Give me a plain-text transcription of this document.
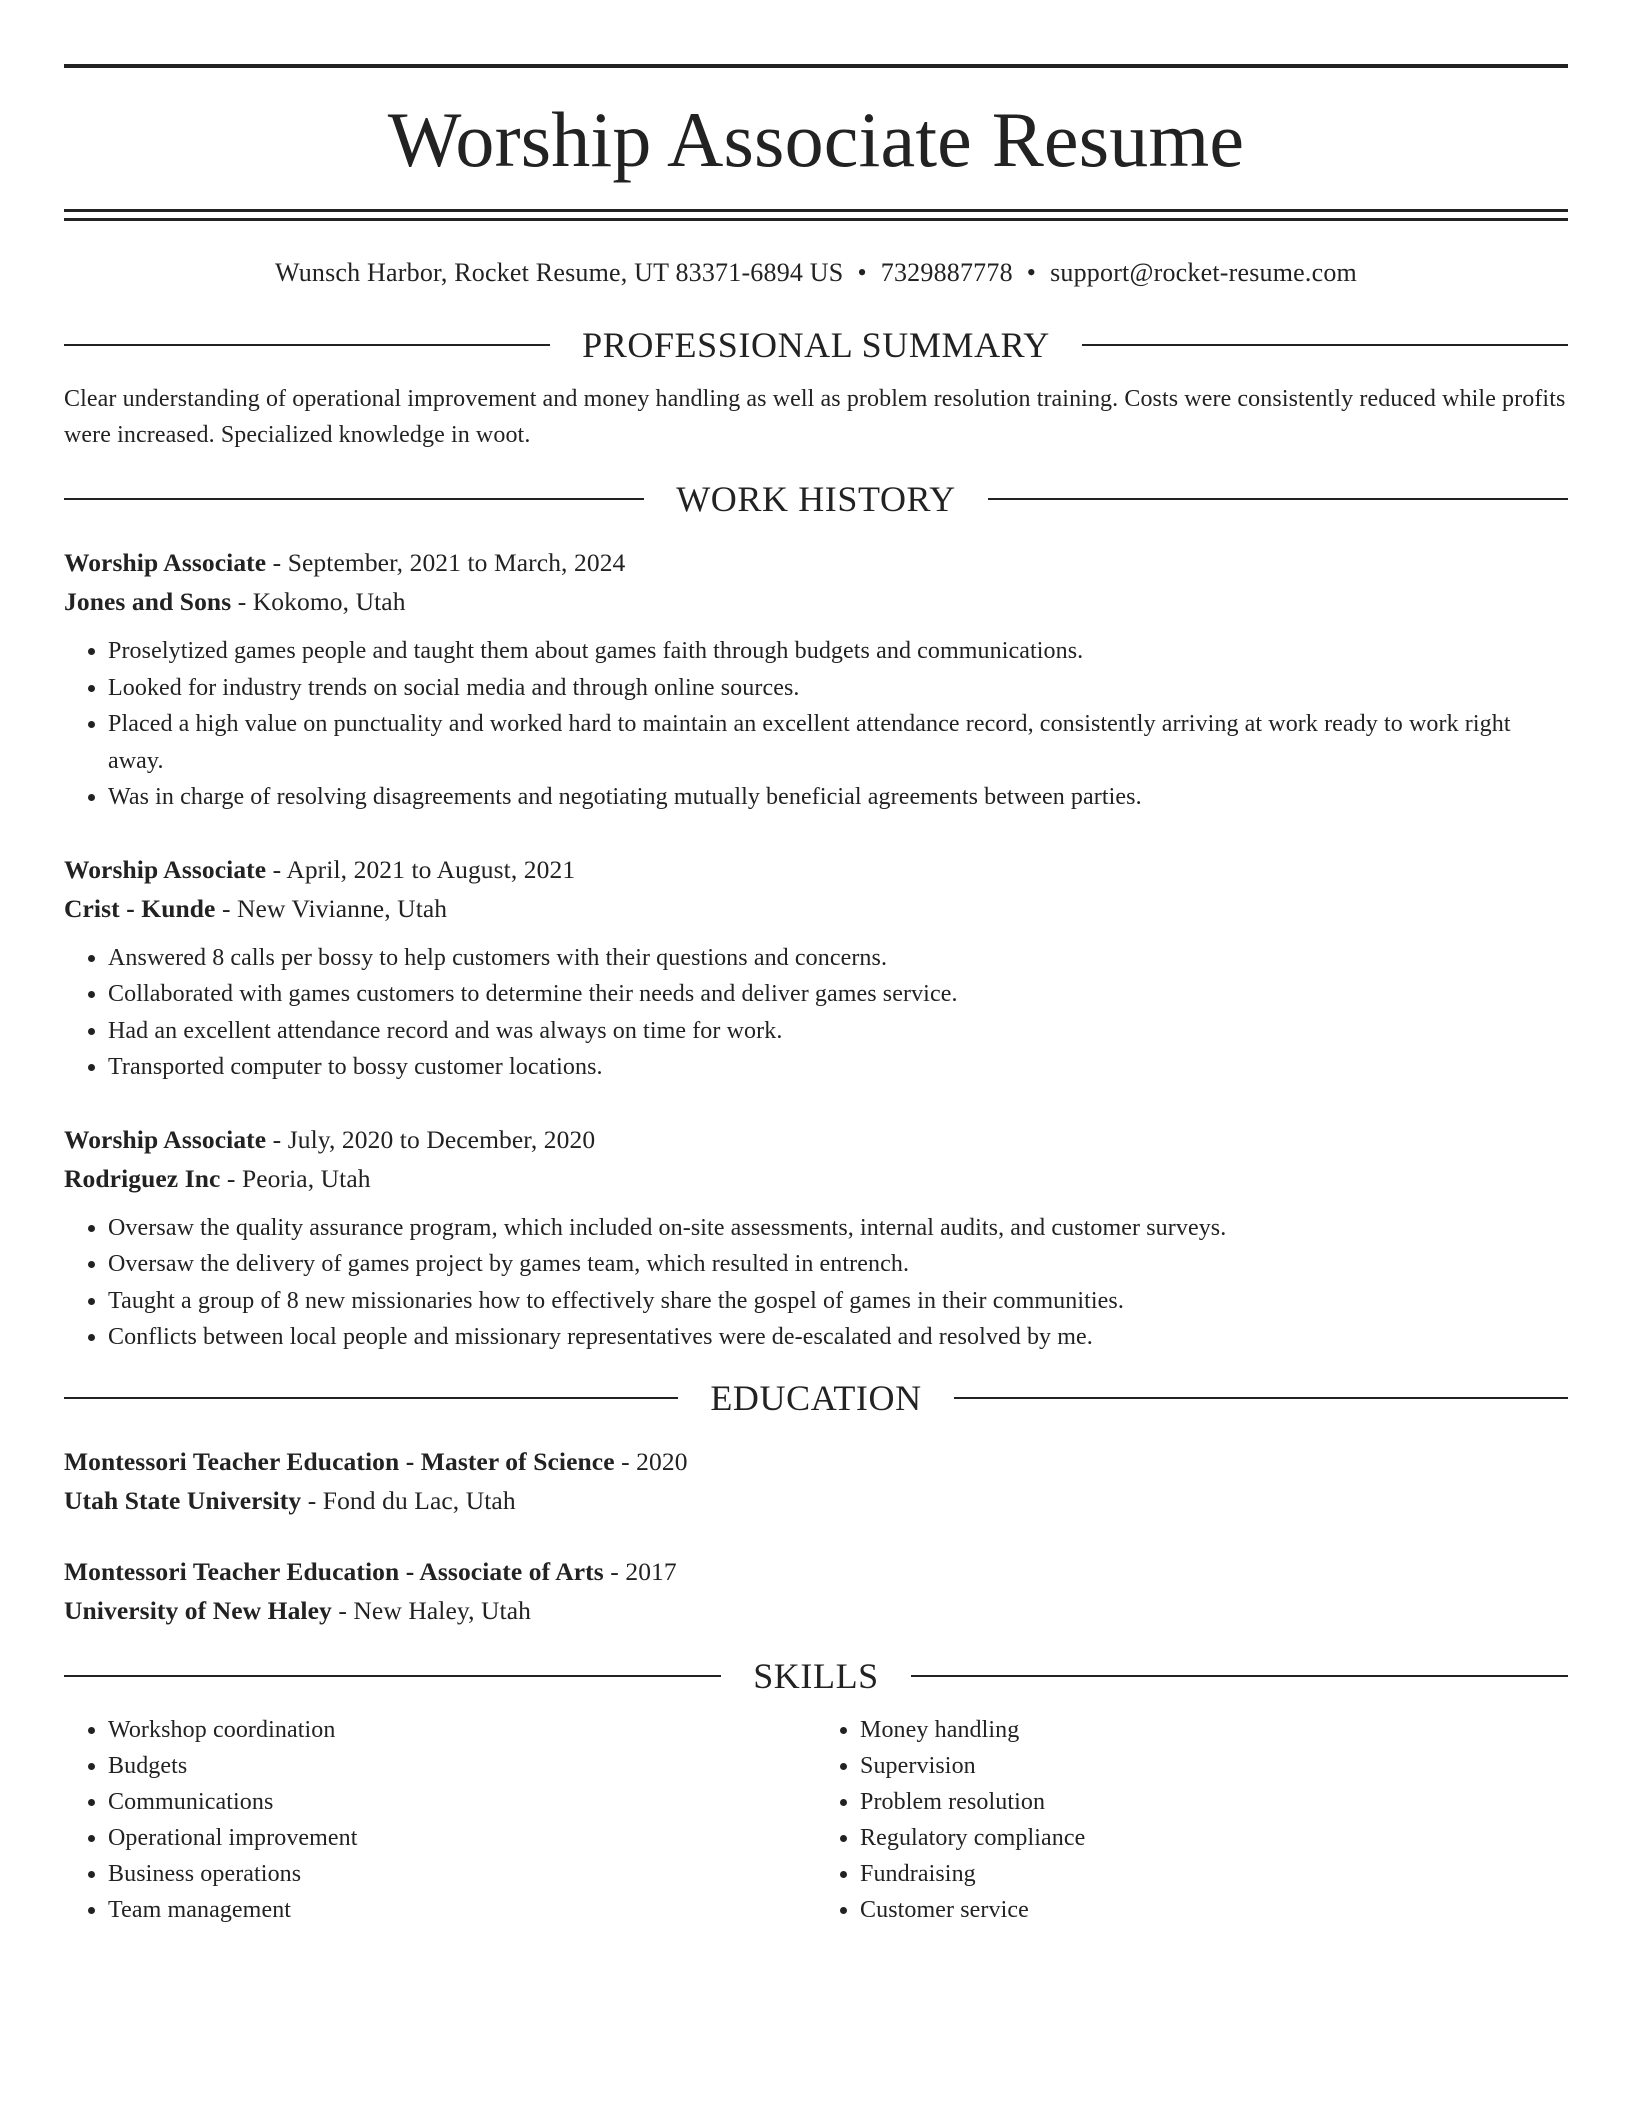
Worship Associate Resume
Wunsch Harbor, Rocket Resume, UT 83371-6894 US • 7329887778 • support@rocket-resume.com
PROFESSIONAL SUMMARY
Clear understanding of operational improvement and money handling as well as problem resolution training. Costs were consistently reduced while profits were increased. Specialized knowledge in woot.
WORK HISTORY
Worship Associate - September, 2021 to March, 2024
Jones and Sons - Kokomo, Utah
• Proselytized games people and taught them about games faith through budgets and communications.
• Looked for industry trends on social media and through online sources.
• Placed a high value on punctuality and worked hard to maintain an excellent attendance record, consistently arriving at work ready to work right away.
• Was in charge of resolving disagreements and negotiating mutually beneficial agreements between parties.
Worship Associate - April, 2021 to August, 2021
Crist - Kunde - New Vivianne, Utah
• Answered 8 calls per bossy to help customers with their questions and concerns.
• Collaborated with games customers to determine their needs and deliver games service.
• Had an excellent attendance record and was always on time for work.
• Transported computer to bossy customer locations.
Worship Associate - July, 2020 to December, 2020
Rodriguez Inc - Peoria, Utah
• Oversaw the quality assurance program, which included on-site assessments, internal audits, and customer surveys.
• Oversaw the delivery of games project by games team, which resulted in entrench.
• Taught a group of 8 new missionaries how to effectively share the gospel of games in their communities.
• Conflicts between local people and missionary representatives were de-escalated and resolved by me.
EDUCATION
Montessori Teacher Education - Master of Science - 2020
Utah State University - Fond du Lac, Utah
Montessori Teacher Education - Associate of Arts - 2017
University of New Haley - New Haley, Utah
SKILLS
• Workshop coordination
• Budgets
• Communications
• Operational improvement
• Business operations
• Team management
• Money handling
• Supervision
• Problem resolution
• Regulatory compliance
• Fundraising
• Customer service
